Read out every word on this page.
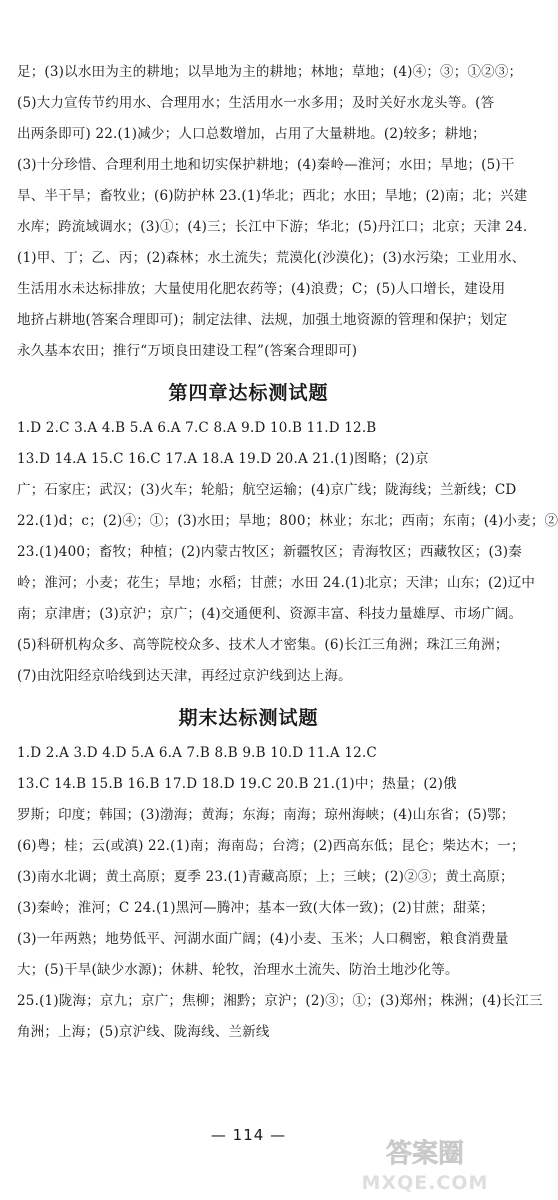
足；(3)以水田为主的耕地；以旱地为主的耕地；林地；草地；(4)④；③；①②③；
(5)大力宣传节约用水、合理用水；生活用水一水多用；及时关好水龙头等。(答
出两条即可) 22.(1)减少；人口总数增加，占用了大量耕地。(2)较多；耕地；
(3)十分珍惜、合理利用土地和切实保护耕地；(4)秦岭—淮河；水田；旱地；(5)干
旱、半干旱；畜牧业；(6)防护林 23.(1)华北；西北；水田；旱地；(2)南；北；兴建
水库；跨流域调水；(3)①；(4)三；长江中下游；华北；(5)丹江口；北京；天津 24.
(1)甲、丁；乙、丙；(2)森林；水土流失；荒漠化(沙漠化)；(3)水污染；工业用水、
生活用水未达标排放；大量使用化肥农药等；(4)浪费；C；(5)人口增长，建设用
地挤占耕地(答案合理即可)；制定法律、法规，加强土地资源的管理和保护；划定
永久基本农田；推行“万顷良田建设工程”(答案合理即可)
第四章达标测试题
1.D 2.C 3.A 4.B 5.A 6.A 7.C 8.A 9.D 10.B 11.D 12.B
13.D 14.A 15.C 16.C 17.A 18.A 19.D 20.A 21.(1)图略；(2)京
广；石家庄；武汉；(3)火车；轮船；航空运输；(4)京广线；陇海线；兰新线；CD
22.(1)d；c；(2)④；①；(3)水田；旱地；800；林业；东北；西南；东南；(4)小麦；②
23.(1)400；畜牧；种植；(2)内蒙古牧区；新疆牧区；青海牧区；西藏牧区；(3)秦
岭；淮河；小麦；花生；旱地；水稻；甘蔗；水田 24.(1)北京；天津；山东；(2)辽中
南；京津唐；(3)京沪；京广；(4)交通便利、资源丰富、科技力量雄厚、市场广阔。
(5)科研机构众多、高等院校众多、技术人才密集。(6)长江三角洲；珠江三角洲；
(7)由沈阳经京哈线到达天津，再经过京沪线到达上海。
期末达标测试题
1.D 2.A 3.D 4.D 5.A 6.A 7.B 8.B 9.B 10.D 11.A 12.C
13.C 14.B 15.B 16.B 17.D 18.D 19.C 20.B 21.(1)中；热量；(2)俄
罗斯；印度；韩国；(3)渤海；黄海；东海；南海；琼州海峡；(4)山东省；(5)鄂；
(6)粤；桂；云(或滇) 22.(1)南；海南岛；台湾；(2)西高东低；昆仑；柴达木；一；
(3)南水北调；黄土高原；夏季 23.(1)青藏高原；上；三峡；(2)②③；黄土高原；
(3)秦岭；淮河；C 24.(1)黑河—腾冲；基本一致(大体一致)；(2)甘蔗；甜菜；
(3)一年两熟；地势低平、河湖水面广阔；(4)小麦、玉米；人口稠密，粮食消费量
大；(5)干旱(缺少水源)；休耕、轮牧，治理水土流失、防治土地沙化等。
25.(1)陇海；京九；京广；焦柳；湘黔；京沪；(2)③；①；(3)郑州；株洲；(4)长江三
角洲；上海；(5)京沪线、陇海线、兰新线
— 114 —
答案圈
MXQE.COM
